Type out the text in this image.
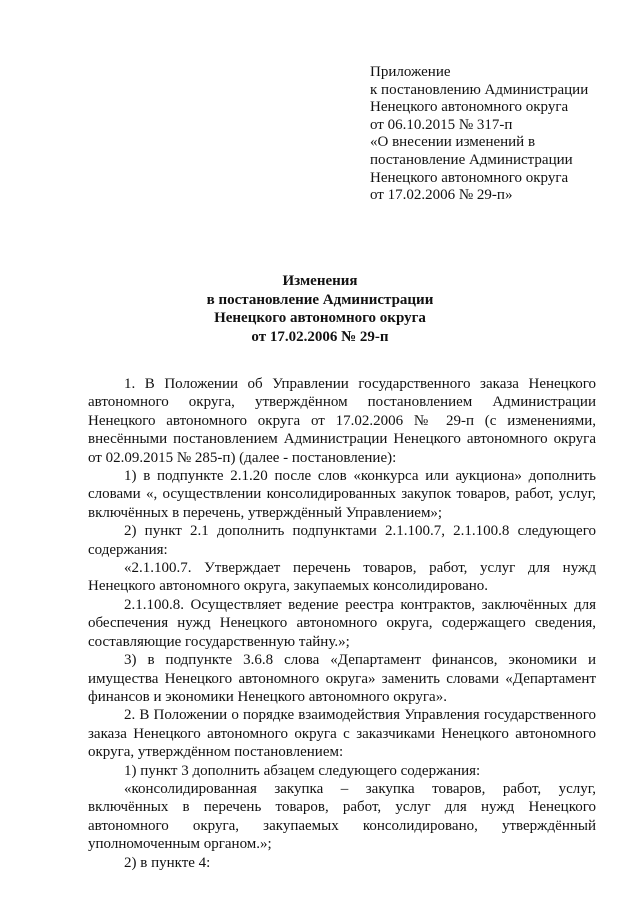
Приложение
к постановлению Администрации
Ненецкого автономного округа
от 06.10.2015 № 317-п
«О внесении изменений в
постановление Администрации
Ненецкого автономного округа
от 17.02.2006 № 29-п»
Изменения
в постановление Администрации
Ненецкого автономного округа
от 17.02.2006 № 29-п

1. В Положении об Управлении государственного заказа Ненецкого автономного округа, утверждённом постановлением Администрации Ненецкого автономного округа от 17.02.2006 № 29-п (с изменениями, внесёнными постановлением Администрации Ненецкого автономного округа от 02.09.2015 № 285-п) (далее - постановление):

1) в подпункте 2.1.20 после слов «конкурса или аукциона» дополнить словами «, осуществлении консолидированных закупок товаров, работ, услуг, включённых в перечень, утверждённый Управлением»;

2) пункт 2.1 дополнить подпунктами 2.1.100.7, 2.1.100.8 следующего содержания:

«2.1.100.7. Утверждает перечень товаров, работ, услуг для нужд Ненецкого автономного округа, закупаемых консолидировано.

2.1.100.8. Осуществляет ведение реестра контрактов, заключённых для обеспечения нужд Ненецкого автономного округа, содержащего сведения, составляющие государственную тайну.»;

3) в подпункте 3.6.8 слова «Департамент финансов, экономики и имущества Ненецкого автономного округа» заменить словами «Департамент финансов и экономики Ненецкого автономного округа».

2. В Положении о порядке взаимодействия Управления государственного заказа Ненецкого автономного округа с заказчиками Ненецкого автономного округа, утверждённом постановлением:

1) пункт 3 дополнить абзацем следующего содержания:

«консолидированная закупка – закупка товаров, работ, услуг, включённых в перечень товаров, работ, услуг для нужд Ненецкого автономного округа, закупаемых консолидировано, утверждённый уполномоченным органом.»;

2) в пункте 4:
